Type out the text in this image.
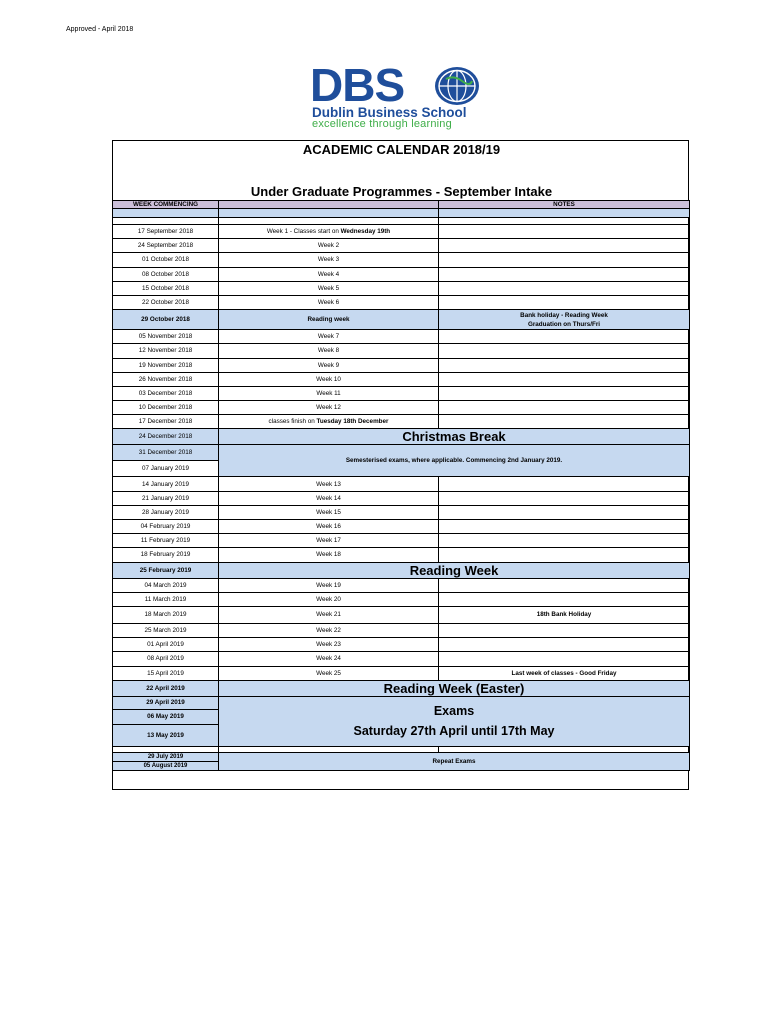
Approved - April 2018
DBS
Dublin Business School
excellence through learning
ACADEMIC CALENDAR 2018/19
Under Graduate Programmes - September Intake
WEEK COMMENCING		NOTES

17 September 2018	Week 1 - Classes start on Wednesday 19th	
24 September 2018	Week 2	
01 October 2018	Week 3	
08 October 2018	Week 4	
15 October 2018	Week 5	
22 October 2018	Week 6	
29 October 2018	Reading week	Bank holiday - Reading Week
Graduation on Thurs/Fri

05 November 2018	Week 7	
12 November 2018	Week 8	
19 November 2018	Week 9	
26 November 2018	Week 10	
03 December 2018	Week 11	
10 December 2018	Week 12	
17 December 2018	classes finish on Tuesday 18th December	
24 December 2018	Christmas Break	
31 December 2018	Semesterised exams, where applicable. Commencing 2nd January 2019.	
07 January 2019		
14 January 2019	Week 13	
21 January 2019	Week 14	
28 January 2019	Week 15	
04 February 2019	Week 16	
11 February 2019	Week 17	
18 February 2019	Week 18	
25 February 2019	Reading Week	
04 March 2019	Week 19	
11 March 2019	Week 20	
18 March 2019	Week 21	18th Bank Holiday
25 March 2019	Week 22	
01 April 2019	Week 23	
08 April 2019	Week 24	
15 April 2019	Week 25	Last week of classes - Good Friday
22 April 2019	Reading Week (Easter)	
29 April 2019	Exams
Saturday 27th April until 17th May	

06 May 2019		
13 May 2019		

29 July 2019	Repeat Exams	
05 August 2019		
